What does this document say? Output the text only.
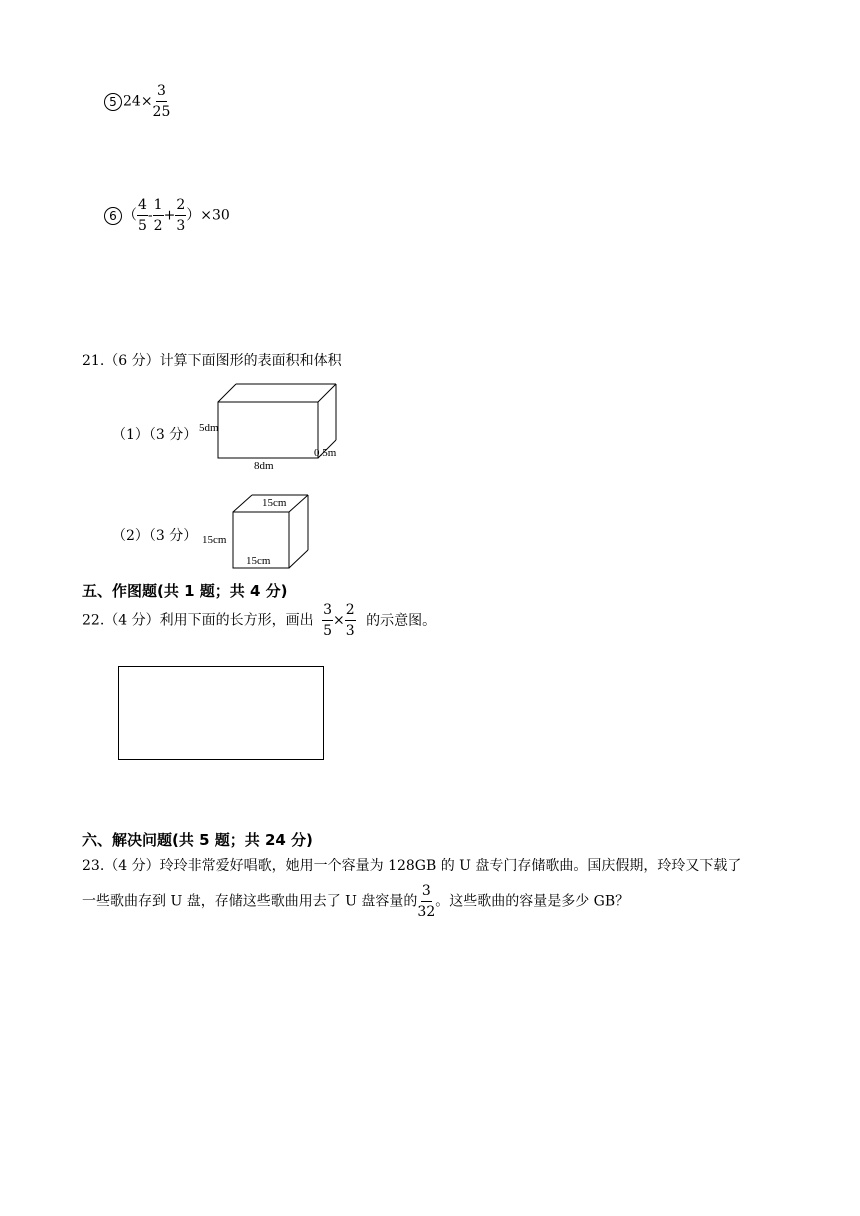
5 $24\times \frac{3}{25}$
6 （ $\frac{4}{5} - \frac{1}{2} + \frac{2}{3} )\times 30$
21.（6 分）计算下面图形的表面积和体积
（1）（3 分） 5dm
8dm
0.5m
（2）（3 分）
15cm
15cm
15cm
五、作图题(共 1 题；共 4 分)
22.（4 分）利用下面的长方形，画出 $\frac{3}{5} \times \frac{2}{3}$ 的示意图。
六、解决问题(共 5 题；共 24 分)
23.（4 分）玲玲非常爱好唱歌，她用一个容量为 128GB 的 U 盘专门存储歌曲。国庆假期，玲玲又下载了
一些歌曲存到 U 盘，存储这些歌曲用去了 U 盘容量的 $\frac{3}{32}$ 。这些歌曲的容量是多少 GB？
